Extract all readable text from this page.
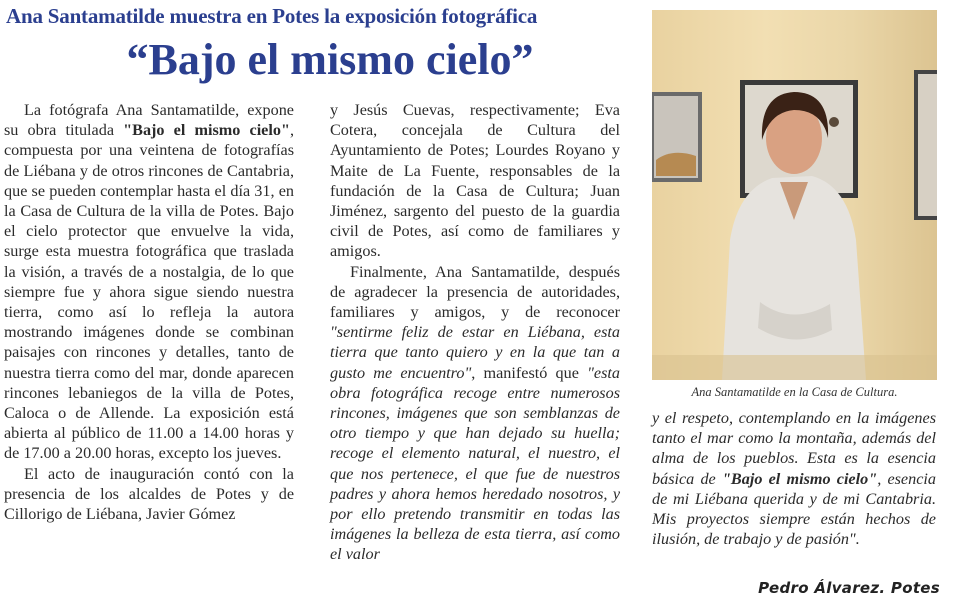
Ana Santamatilde muestra en Potes la exposición fotográfica
“Bajo el mismo cielo”

La fotógrafa Ana Santamatilde, expone su obra titulada "Bajo el mismo cielo", compuesta por una veintena de fotografías de Liébana y de otros rincones de Cantabria, que se pueden contemplar hasta el día 31, en la Casa de Cultura de la villa de Potes. Bajo el cielo protector que envuelve la vida, surge esta muestra fotográfica que traslada la visión, a través de a nostalgia, de lo que siempre fue y ahora sigue siendo nuestra tierra, como así lo refleja la autora mostrando imágenes donde se combinan paisajes con rincones y detalles, tanto de nuestra tierra como del mar, donde aparecen rincones lebaniegos de la villa de Potes, Caloca o de Allende. La exposición está abierta al público de 11.00 a 14.00 horas y de 17.00 a 20.00 horas, excepto los jueves.

El acto de inauguración contó con la presencia de los alcaldes de Potes y de Cillorigo de Liébana, Javier Gómez

y Jesús Cuevas, respectivamente; Eva Cotera, concejala de Cultura del Ayuntamiento de Potes; Lourdes Royano y Maite de La Fuente, responsables de la fundación de la Casa de Cultura; Juan Jiménez, sargento del puesto de la guardia civil de Potes, así como de familiares y amigos.

Finalmente, Ana Santamatilde, después de agradecer la presencia de autoridades, familiares y amigos, y de reconocer "sentirme feliz de estar en Liébana, esta tierra que tanto quiero y en la que tan a gusto me encuentro", manifestó que "esta obra fotográfica recoge entre numerosos rincones, imágenes que son semblanzas de otro tiempo y que han dejado su huella; recoge el elemento natural, el nuestro, el que nos pertenece, el que fue de nuestros padres y ahora hemos heredado nosotros, y por ello pretendo transmitir en todas las imágenes la belleza de esta tierra, así como el valor

Ana Santamatilde en la Casa de Cultura.

y el respeto, contemplando en la imágenes tanto el mar como la montaña, además del alma de los pueblos. Esta es la esencia básica de "Bajo el mismo cielo", esencia de mi Liébana querida y de mi Cantabria. Mis proyectos siempre están hechos de ilusión, de trabajo y de pasión".

Pedro Álvarez. Potes
